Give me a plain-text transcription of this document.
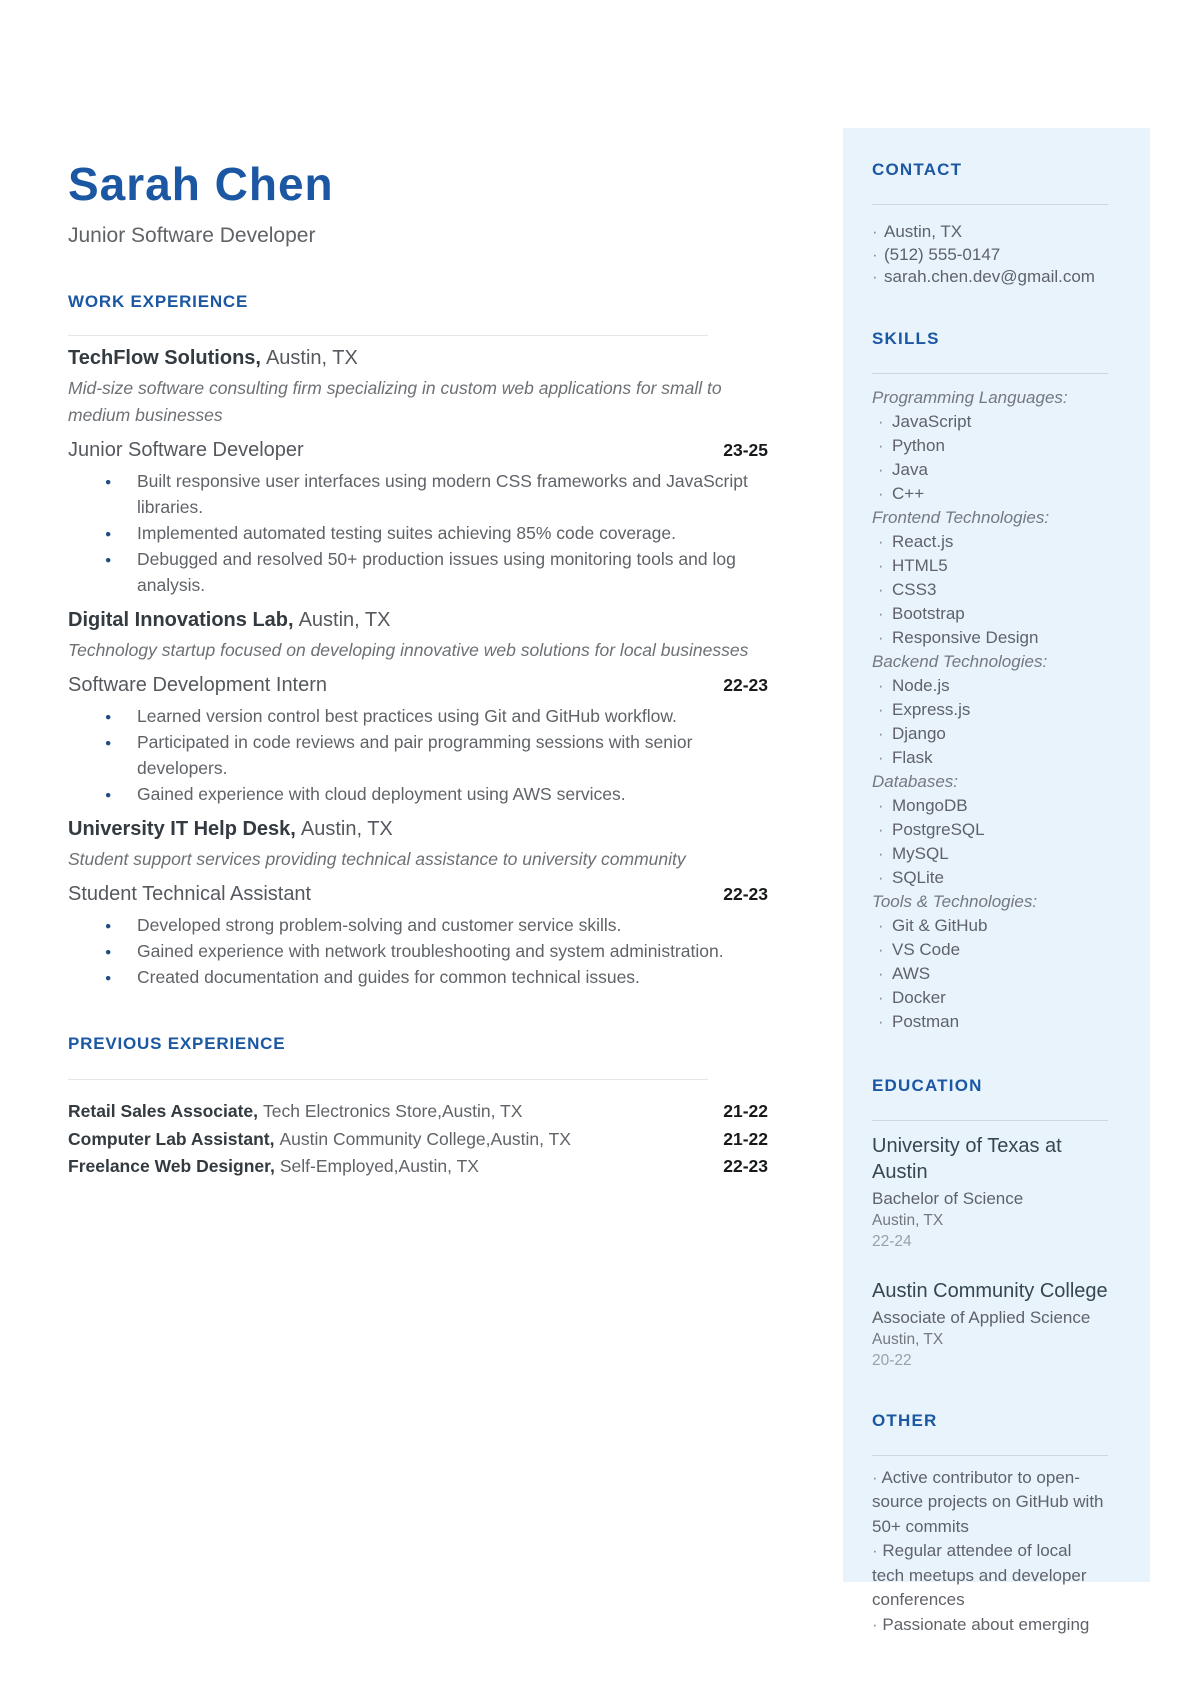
Sarah Chen
Junior Software Developer
WORK EXPERIENCE
TechFlow Solutions, Austin, TX
Mid-size software consulting firm specializing in custom web applications for small to medium businesses
Junior Software Developer	23-25
● Built responsive user interfaces using modern CSS frameworks and JavaScript libraries.
● Implemented automated testing suites achieving 85% code coverage.
● Debugged and resolved 50+ production issues using monitoring tools and log analysis.
Digital Innovations Lab, Austin, TX
Technology startup focused on developing innovative web solutions for local businesses
Software Development Intern	22-23
● Learned version control best practices using Git and GitHub workflow.
● Participated in code reviews and pair programming sessions with senior developers.
● Gained experience with cloud deployment using AWS services.
University IT Help Desk, Austin, TX
Student support services providing technical assistance to university community
Student Technical Assistant	22-23
● Developed strong problem-solving and customer service skills.
● Gained experience with network troubleshooting and system administration.
● Created documentation and guides for common technical issues.
PREVIOUS EXPERIENCE
Retail Sales Associate, Tech Electronics Store,Austin, TX	21-22
Computer Lab Assistant, Austin Community College,Austin, TX	21-22
Freelance Web Designer, Self-Employed,Austin, TX	22-23
CONTACT
· Austin, TX
· (512) 555-0147
· sarah.chen.dev@gmail.com
SKILLS
Programming Languages:
· JavaScript
· Python
· Java
· C++
Frontend Technologies:
· React.js
· HTML5
· CSS3
· Bootstrap
· Responsive Design
Backend Technologies:
· Node.js
· Express.js
· Django
· Flask
Databases:
· MongoDB
· PostgreSQL
· MySQL
· SQLite
Tools & Technologies:
· Git & GitHub
· VS Code
· AWS
· Docker
· Postman
EDUCATION
University of Texas at Austin
Bachelor of Science
Austin, TX
22-24
Austin Community College
Associate of Applied Science
Austin, TX
20-22
OTHER
· Active contributor to open-source projects on GitHub with 50+ commits
· Regular attendee of local tech meetups and developer conferences
· Passionate about emerging
